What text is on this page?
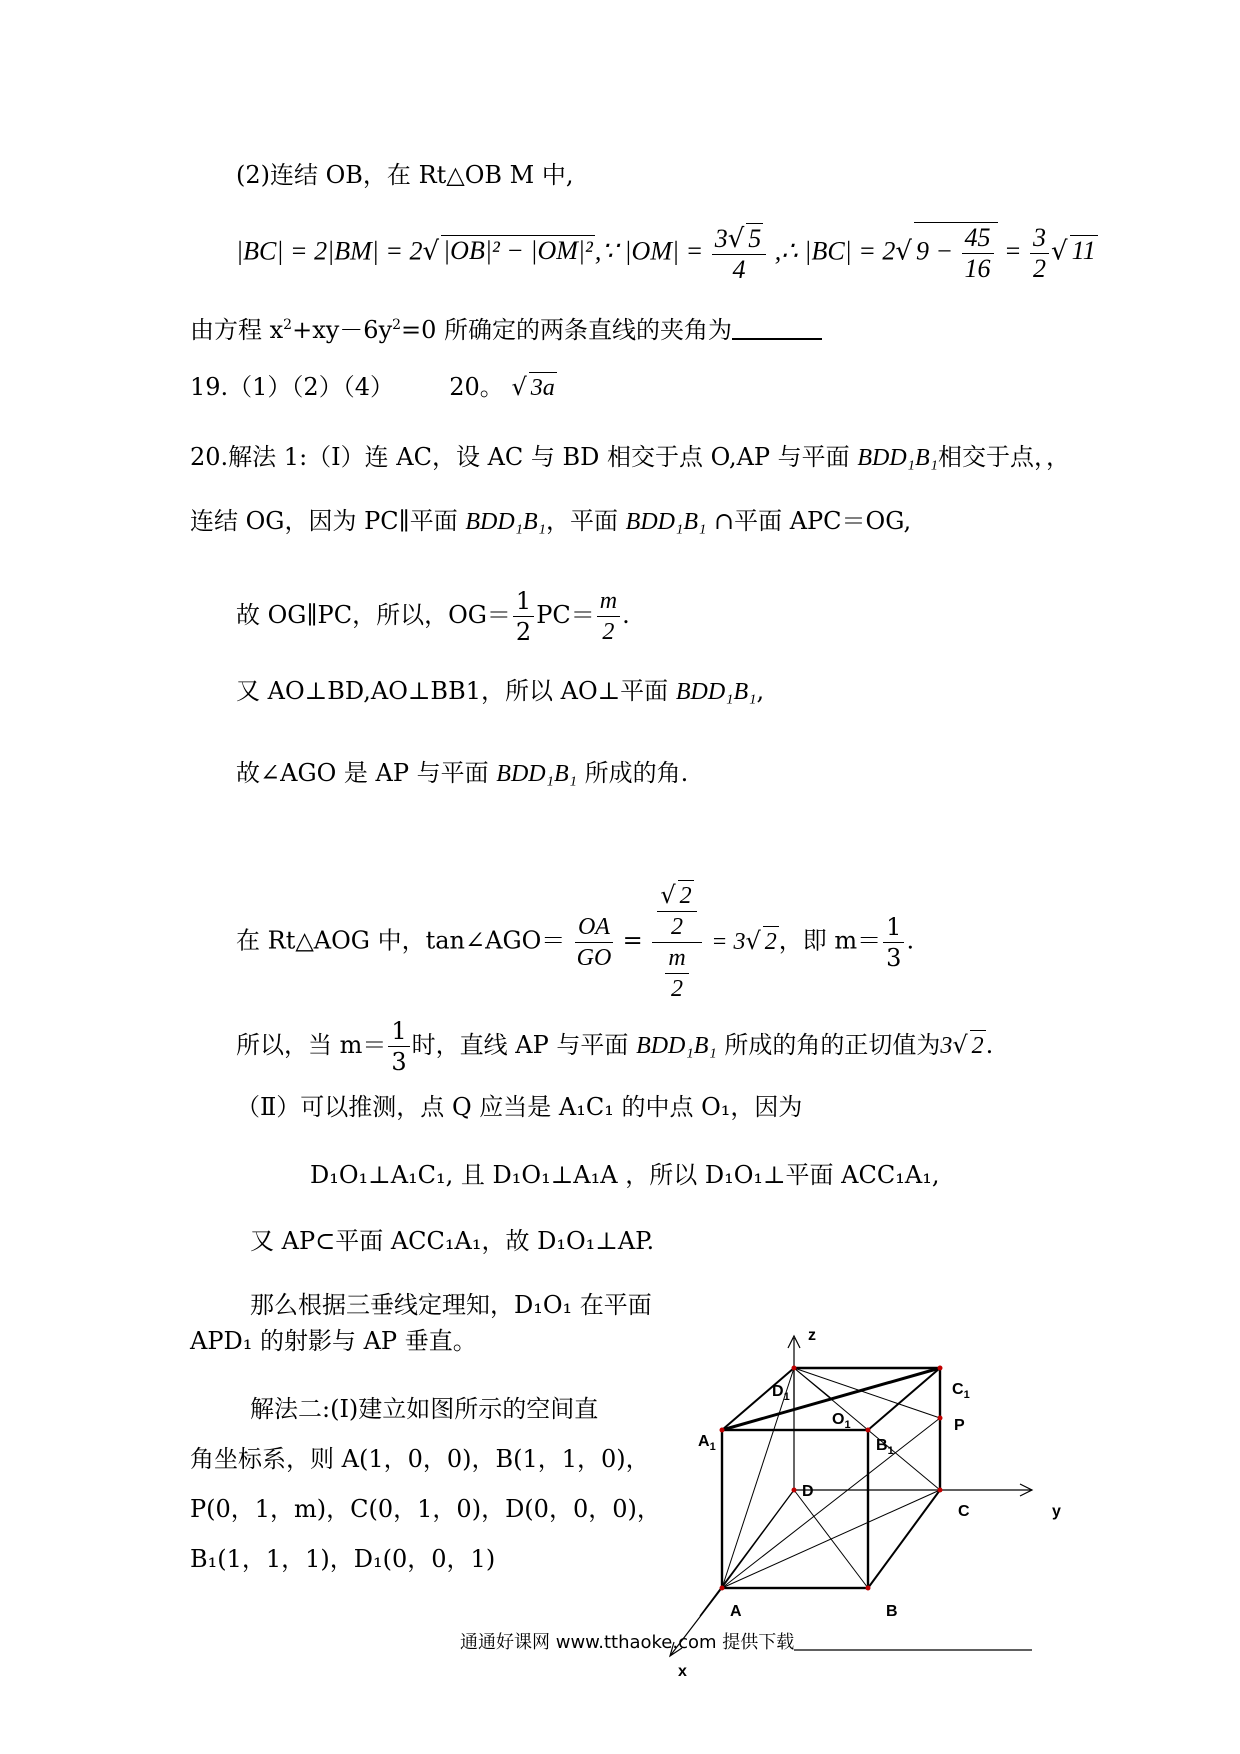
(2)连结 OB，在 Rt△OB M 中,
|BC| = 2|BM| = 2√ |OB|² − |OM|²,∵ $|OM| = \frac{3√ 5}{4}$ ,∴ |BC| = 2√ $9 - \frac{45}{16} = \frac{3}{2}$ √ 11
由方程 $x^2+xy-6y^2=0$ 所确定的两条直线的夹角为
19.（1）（2）（4） 20。 √ 3a
20.解法 1:（Ⅰ）连 AC，设 AC 与 BD 相交于点 O,AP 与平面 BDD₁B₁相交于点，，
连结 OG，因为 PC∥平面 BDD₁B₁，平面 BDD₁B₁ ∩平面 APC＝OG,
故 OG∥PC，所以，$OG= \frac{1}{2} PC= \frac{m}{2}$ .
又 AO⊥BD,AO⊥BB1，所以 AO⊥平面 BDD₁B₁,
故∠AGO 是 AP 与平面 BDD₁B₁ 所成的角.
在 Rt△AOG 中，tan∠AGO＝ $\frac{OA}{GO} = \frac{\frac{√ 2}{2}}{\frac{m}{2}} = 3√$ 2，即 $m= \frac{1}{3}$ .
所以，当 $m= \frac{1}{3}$ 时，直线 AP 与平面 BDD₁B₁ 所成的角的正切值为3√ 2.
（Ⅱ）可以推测，点 Q 应当是 A₁C₁ 的中点 O₁，因为
D₁O₁⊥A₁C₁, 且 D₁O₁⊥A₁A ，所以 D₁O₁⊥平面 ACC₁A₁,
又 AP⊂平面 ACC₁A₁，故 D₁O₁⊥AP.
那么根据三垂线定理知，D₁O₁ 在平面
APD₁ 的射影与 AP 垂直。
解法二:(Ⅰ)建立如图所示的空间直
角坐标系，则 A(1，0，0)，B(1，1，0)，
P(0，1，m)，C(0，1，0)，D(0，0，0)，
B₁(1，1，1)，D₁(0，0，1)
z
y
x
$D_1$	$C_1$
$A_1$	$B_1$
$O_1$	P
D
C
A	B
通通好课网 www.tthaoke.com 提供下载
